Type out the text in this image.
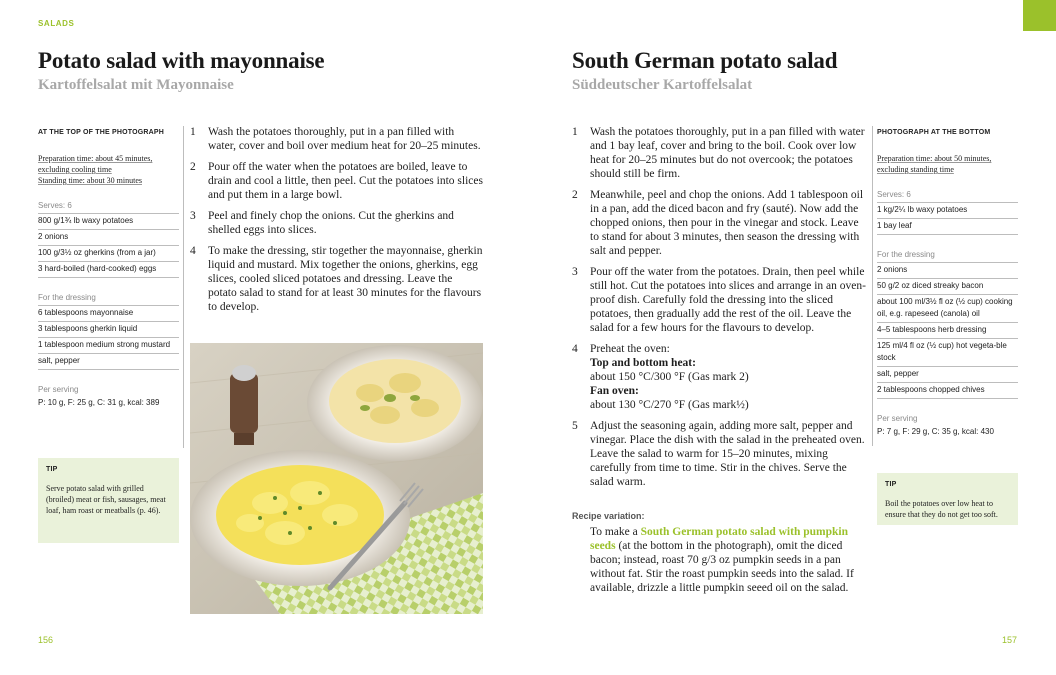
SALADS
Potato salad with mayonnaise
Kartoffelsalat mit Mayonnaise
AT THE TOP OF THE PHOTOGRAPH
Preparation time: about 45 minutes,
excluding cooling time
Standing time: about 30 minutes
Serves: 6
800 g/1¾ lb waxy potatoes
2 onions
100 g/3½ oz gherkins (from a jar)
3 hard-boiled (hard-cooked) eggs
For the dressing
6 tablespoons mayonnaise
3 tablespoons gherkin liquid
1 tablespoon medium strong mustard
salt, pepper
Per serving
P: 10 g, F: 25 g, C: 31 g, kcal: 389
TIP
Serve potato salad with grilled (broiled) meat or fish, sausages, meat loaf, ham roast or meatballs (p. 46).
1	Wash the potatoes thoroughly, put in a pan filled with water, cover and boil over medium heat for 20–25 minutes.
2	Pour off the water when the potatoes are boiled, leave to drain and cool a little, then peel. Cut the potatoes into slices and put them in a large bowl.
3	Peel and finely chop the onions. Cut the gherkins and shelled eggs into slices.
4	To make the dressing, stir together the mayonnaise, gherkin liquid and mustard. Mix together the onions, gherkins, egg slices, cooled sliced potatoes and dressing. Leave the potato salad to stand for at least 30 minutes for the flavours to develop.
156
South German potato salad
Süddeutscher Kartoffelsalat
1	Wash the potatoes thoroughly, put in a pan filled with water and 1 bay leaf, cover and bring to the boil. Cook over low heat for 20–25 minutes but do not overcook; the potatoes should still be firm.
2	Meanwhile, peel and chop the onions. Add 1 tablespoon oil in a pan, add the diced bacon and fry (sauté). Now add the chopped onions, then pour in the vinegar and stock. Leave to stand for about 3 minutes, then season the dressing with salt and pepper.
3	Pour off the water from the potatoes. Drain, then peel while still hot. Cut the potatoes into slices and arrange in an oven-proof dish. Carefully fold the dressing into the sliced potatoes, then gradually add the rest of the oil. Leave the salad for a few hours for the flavours to develop.
4	Preheat the oven:
Top and bottom heat:
about 150 °C/300 °F (Gas mark 2)
Fan oven:
about 130 °C/270 °F (Gas mark½)
5	Adjust the seasoning again, adding more salt, pepper and vinegar. Place the dish with the salad in the preheated oven. Leave the salad to warm for 15–20 minutes, mixing carefully from time to time. Stir in the chives. Serve the salad warm.
Recipe variation:
To make a South German potato salad with pumpkin seeds (at the bottom in the photograph), omit the diced bacon; instead, roast 70 g/3 oz pumpkin seeds in a pan without fat. Stir the roast pumpkin seeds into the salad. If available, drizzle a little pumpkin seeed oil on the salad.
PHOTOGRAPH AT THE BOTTOM
Preparation time: about 50 minutes,
excluding standing time
Serves: 6
1 kg/2¼ lb waxy potatoes
1 bay leaf
For the dressing
2 onions
50 g/2 oz diced streaky bacon
about 100 ml/3½ fl oz (½ cup) cooking oil, e.g. rapeseed (canola) oil
4–5 tablespoons herb dressing
125 ml/4 fl oz (½ cup) hot vegeta-ble stock
salt, pepper
2 tablespoons chopped chives
Per serving
P: 7 g, F: 29 g, C: 35 g, kcal: 430
TIP
Boil the potatoes over low heat to ensure that they do not get too soft.
157
